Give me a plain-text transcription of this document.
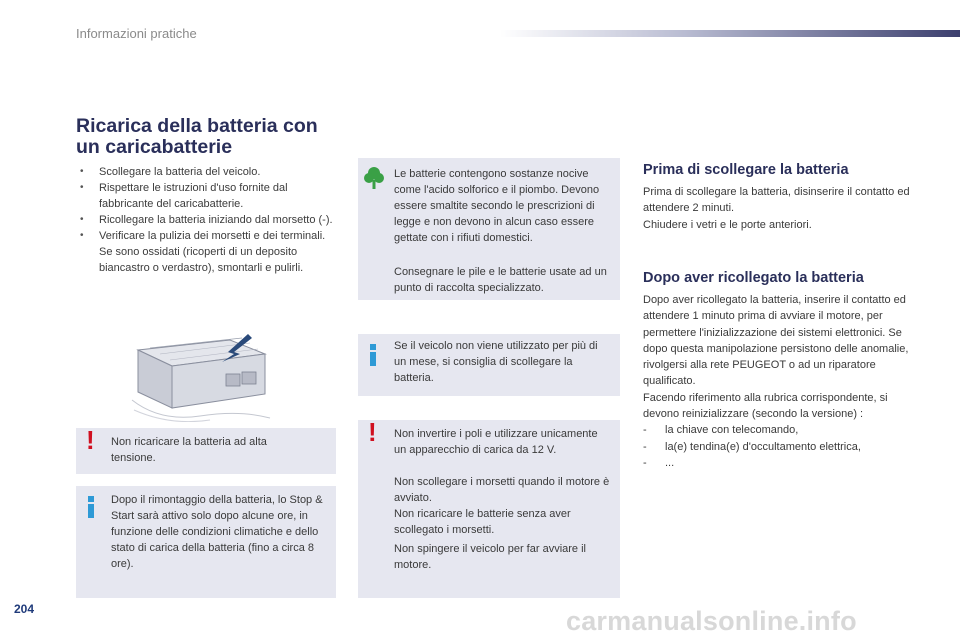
Informazioni pratiche
Ricarica della batteria con un caricabatterie
• Scollegare la batteria del veicolo.
• Rispettare le istruzioni d'uso fornite dal fabbricante del caricabatterie.
• Ricollegare la batteria iniziando dal morsetto (-).
• Verificare la pulizia dei morsetti e dei terminali. Se sono ossidati (ricoperti di un deposito biancastro o verdastro), smontarli e pulirli.
! Non ricaricare la batteria ad alta tensione.
Dopo il rimontaggio della batteria, lo Stop & Start sarà attivo solo dopo alcune ore, in funzione delle condizioni climatiche e dello stato di carica della batteria (fino a circa 8 ore).
Le batterie contengono sostanze nocive come l'acido solforico e il piombo. Devono essere smaltite secondo le prescrizioni di legge e non devono in alcun caso essere gettate con i rifiuti domestici.
Consegnare le pile e le batterie usate ad un punto di raccolta specializzato.
Se il veicolo non viene utilizzato per più di un mese, si consiglia di scollegare la batteria.
! Non invertire i poli e utilizzare unicamente un apparecchio di carica da 12 V.
Non scollegare i morsetti quando il motore è avviato.
Non ricaricare le batterie senza aver scollegato i morsetti.
Non spingere il veicolo per far avviare il motore.
Prima di scollegare la batteria
Prima di scollegare la batteria, disinserire il contatto ed attendere 2 minuti.
Chiudere i vetri e le porte anteriori.
Dopo aver ricollegato la batteria
Dopo aver ricollegato la batteria, inserire il contatto ed attendere 1 minuto prima di avviare il motore, per permettere l'inizializzazione dei sistemi elettronici. Se dopo questa manipolazione persistono delle anomalie, rivolgersi alla rete PEUGEOT o ad un riparatore qualificato.
Facendo riferimento alla rubrica corrispondente, si devono reinizializzare (secondo la versione) :
- la chiave con telecomando,
- la(e) tendina(e) d'occultamento elettrica,
- ...
204	carmanualsonline.info
